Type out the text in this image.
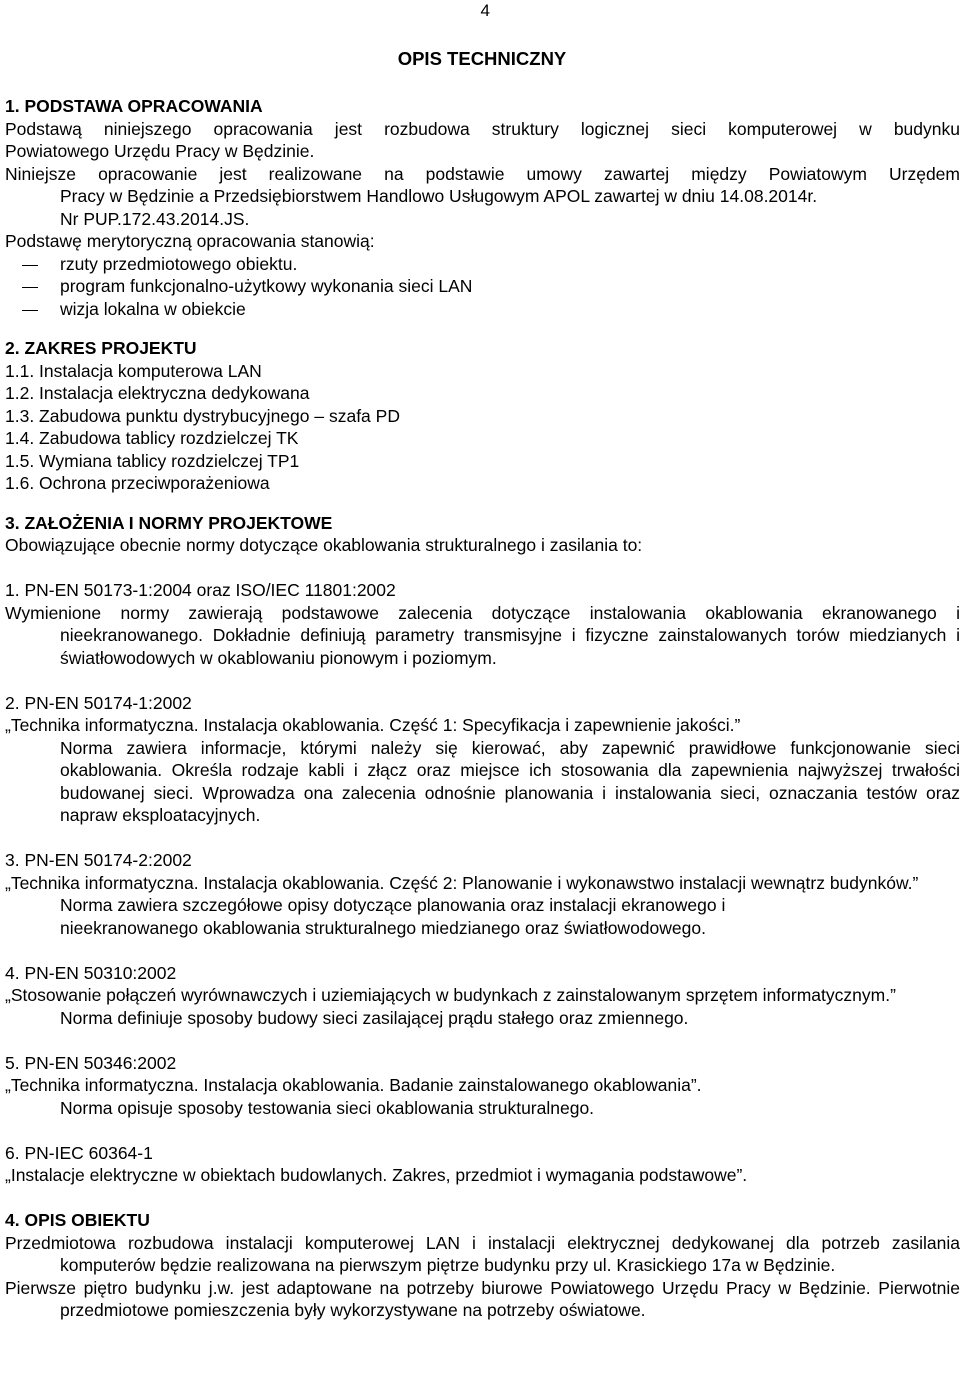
4
OPIS TECHNICZNY

1. PODSTAWA OPRACOWANIA

Podstawą niniejszego opracowania jest rozbudowa struktury logicznej sieci komputerowej w budynku

Powiatowego Urzędu Pracy w Będzinie.

Niniejsze opracowanie jest realizowane na podstawie umowy zawartej między Powiatowym Urzędem

Pracy w Będzinie a Przedsiębiorstwem Handlowo Usługowym APOL zawartej w dniu 14.08.2014r.

Nr PUP.172.43.2014.JS.

Podstawę merytoryczną opracowania stanowią:

rzuty przedmiotowego obiektu.
program funkcjonalno-użytkowy wykonania sieci LAN
wizja lokalna w obiekcie

2. ZAKRES PROJEKTU

1.1. Instalacja komputerowa LAN

1.2. Instalacja elektryczna dedykowana

1.3. Zabudowa punktu dystrybucyjnego – szafa PD

1.4. Zabudowa tablicy rozdzielczej TK

1.5. Wymiana tablicy rozdzielczej TP1

1.6. Ochrona przeciwporażeniowa

3. ZAŁOŻENIA I NORMY PROJEKTOWE

Obowiązujące obecnie normy dotyczące okablowania strukturalnego i zasilania to:

1. PN-EN 50173-1:2004 oraz ISO/IEC 11801:2002

Wymienione normy zawierają podstawowe zalecenia dotyczące instalowania okablowania ekranowanego i nieekranowanego. Dokładnie definiują parametry transmisyjne i fizyczne zainstalowanych torów miedzianych i światłowodowych w okablowaniu pionowym i poziomym.

2. PN-EN 50174-1:2002

„Technika informatyczna. Instalacja okablowania. Część 1: Specyfikacja i zapewnienie jakości.”

Norma zawiera informacje, którymi należy się kierować, aby zapewnić prawidłowe funkcjonowanie sieci okablowania. Określa rodzaje kabli i złącz oraz miejsce ich stosowania dla zapewnienia najwyższej trwałości budowanej sieci. Wprowadza ona zalecenia odnośnie planowania i instalowania sieci, oznaczania testów oraz napraw eksploatacyjnych.

3. PN-EN 50174-2:2002

„Technika informatyczna. Instalacja okablowania. Część 2: Planowanie i wykonawstwo instalacji wewnątrz budynków.”

Norma zawiera szczegółowe opisy dotyczące planowania oraz instalacji ekranowego i

nieekranowanego okablowania strukturalnego miedzianego oraz światłowodowego.

4. PN-EN 50310:2002

„Stosowanie połączeń wyrównawczych i uziemiających w budynkach z zainstalowanym sprzętem informatycznym.”

Norma definiuje sposoby budowy sieci zasilającej prądu stałego oraz zmiennego.

5. PN-EN 50346:2002

„Technika informatyczna. Instalacja okablowania. Badanie zainstalowanego okablowania”.

Norma opisuje sposoby testowania sieci okablowania strukturalnego.

6. PN-IEC 60364-1

„Instalacje elektryczne w obiektach budowlanych. Zakres, przedmiot i wymagania podstawowe”.

4. OPIS OBIEKTU

Przedmiotowa rozbudowa instalacji komputerowej LAN i instalacji elektrycznej dedykowanej dla potrzeb zasilania komputerów będzie realizowana na pierwszym piętrze budynku przy ul. Krasickiego 17a w Będzinie.

Pierwsze piętro budynku j.w. jest adaptowane na potrzeby biurowe Powiatowego Urzędu Pracy w Będzinie. Pierwotnie przedmiotowe pomieszczenia były wykorzystywane na potrzeby oświatowe.
